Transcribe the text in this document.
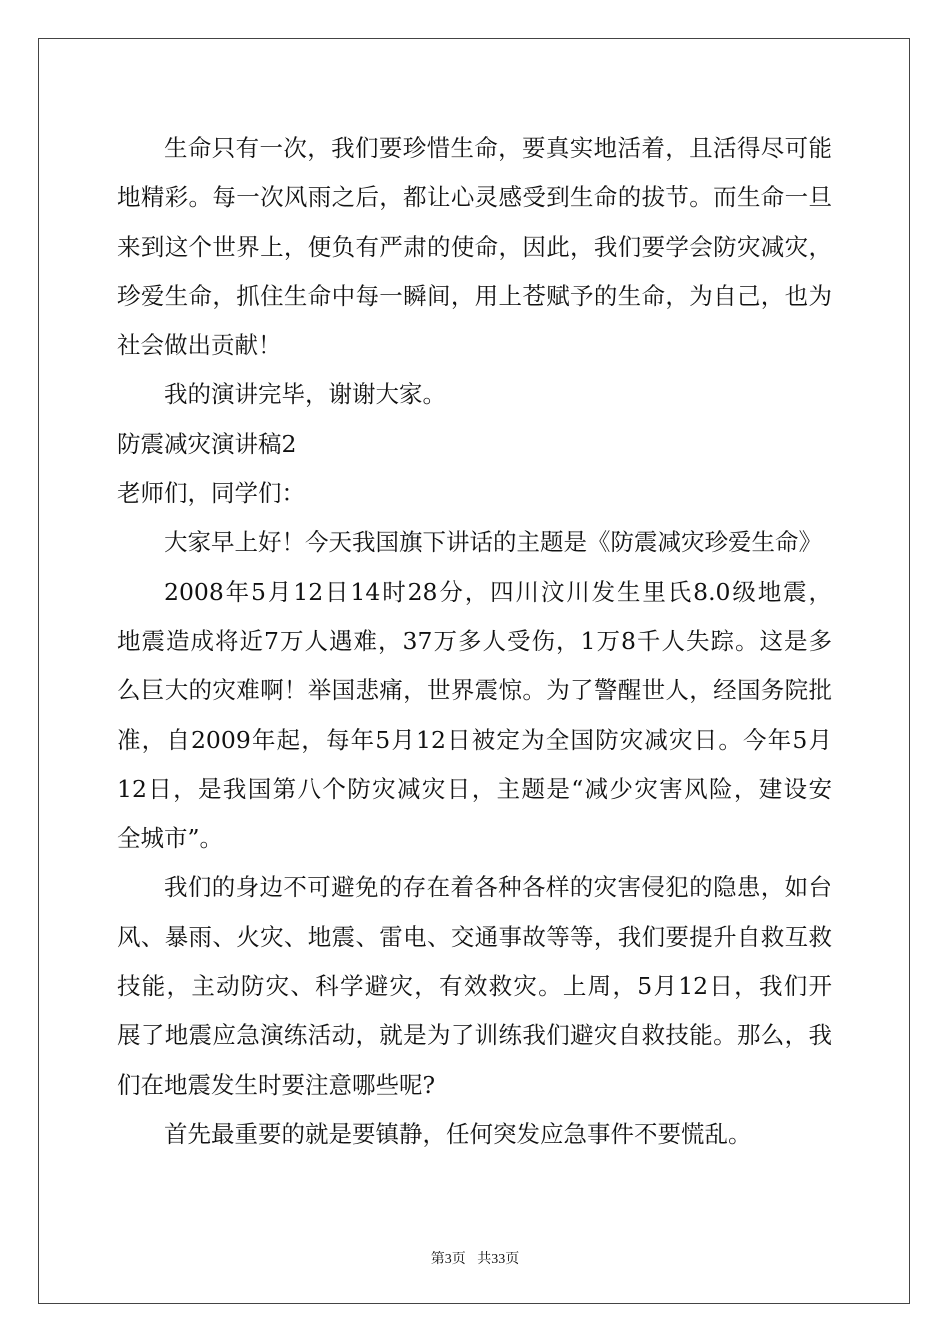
生命只有一次，我们要珍惜生命，要真实地活着，且活得尽可能
地精彩。每一次风雨之后，都让心灵感受到生命的拔节。而生命一旦
来到这个世界上，便负有严肃的使命，因此，我们要学会防灾减灾，
珍爱生命，抓住生命中每一瞬间，用上苍赋予的生命，为自己，也为
社会做出贡献！
我的演讲完毕，谢谢大家。
防震减灾演讲稿2
老师们，同学们：
大家早上好！今天我国旗下讲话的主题是《防震减灾珍爱生命》
2008年5月12日14时28分，四川汶川发生里氏8.0级地震，
地震造成将近7万人遇难，37万多人受伤，1万8千人失踪。这是多
么巨大的灾难啊！举国悲痛，世界震惊。为了警醒世人，经国务院批
准，自2009年起，每年5月12日被定为全国防灾减灾日。今年5月
12日，是我国第八个防灾减灾日，主题是“减少灾害风险，建设安
全城市”。
我们的身边不可避免的存在着各种各样的灾害侵犯的隐患，如台
风、暴雨、火灾、地震、雷电、交通事故等等，我们要提升自救互救
技能，主动防灾、科学避灾，有效救灾。上周，5月12日，我们开
展了地震应急演练活动，就是为了训练我们避灾自救技能。那么，我
们在地震发生时要注意哪些呢?
首先最重要的就是要镇静，任何突发应急事件不要慌乱。
第3页 共33页
